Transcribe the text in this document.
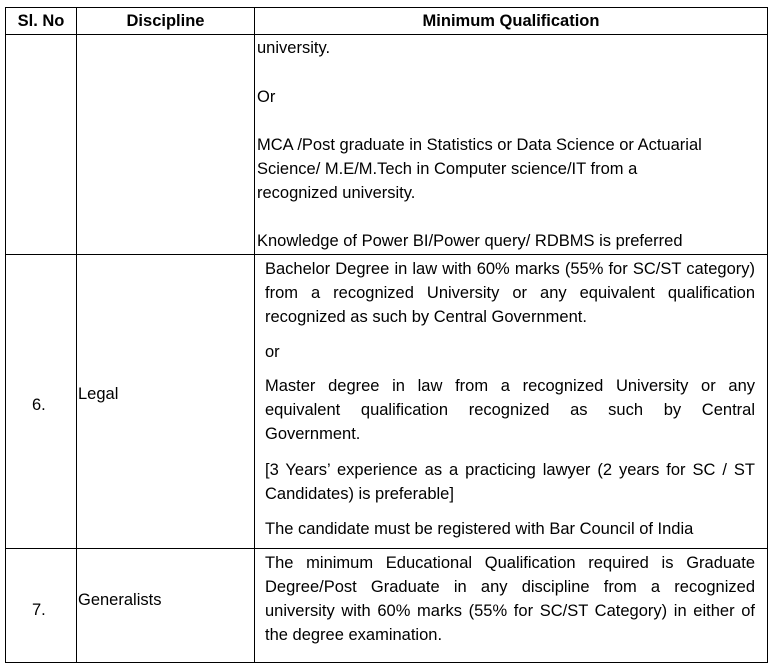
Sl. No	Discipline	Minimum Qualification
university.
Or
MCA /Post graduate in Statistics or Data Science or Actuarial
Science/ M.E/M.Tech in Computer science/IT from a
recognized university.
Knowledge of Power BI/Power query/ RDBMS is preferred
6.
Legal
Bachelor Degree in law with 60% marks (55% for SC/ST category) from a recognized University or any equivalent qualification recognized as such by Central Government.
or
Master degree in law from a recognized University or any equivalent qualification recognized as such by Central Government.
[3 Years’ experience as a practicing lawyer (2 years for SC / ST Candidates) is preferable]
The candidate must be registered with Bar Council of India
7.
Generalists
The minimum Educational Qualification required is Graduate Degree/Post Graduate in any discipline from a recognized university with 60% marks (55% for SC/ST Category) in either of the degree examination.
